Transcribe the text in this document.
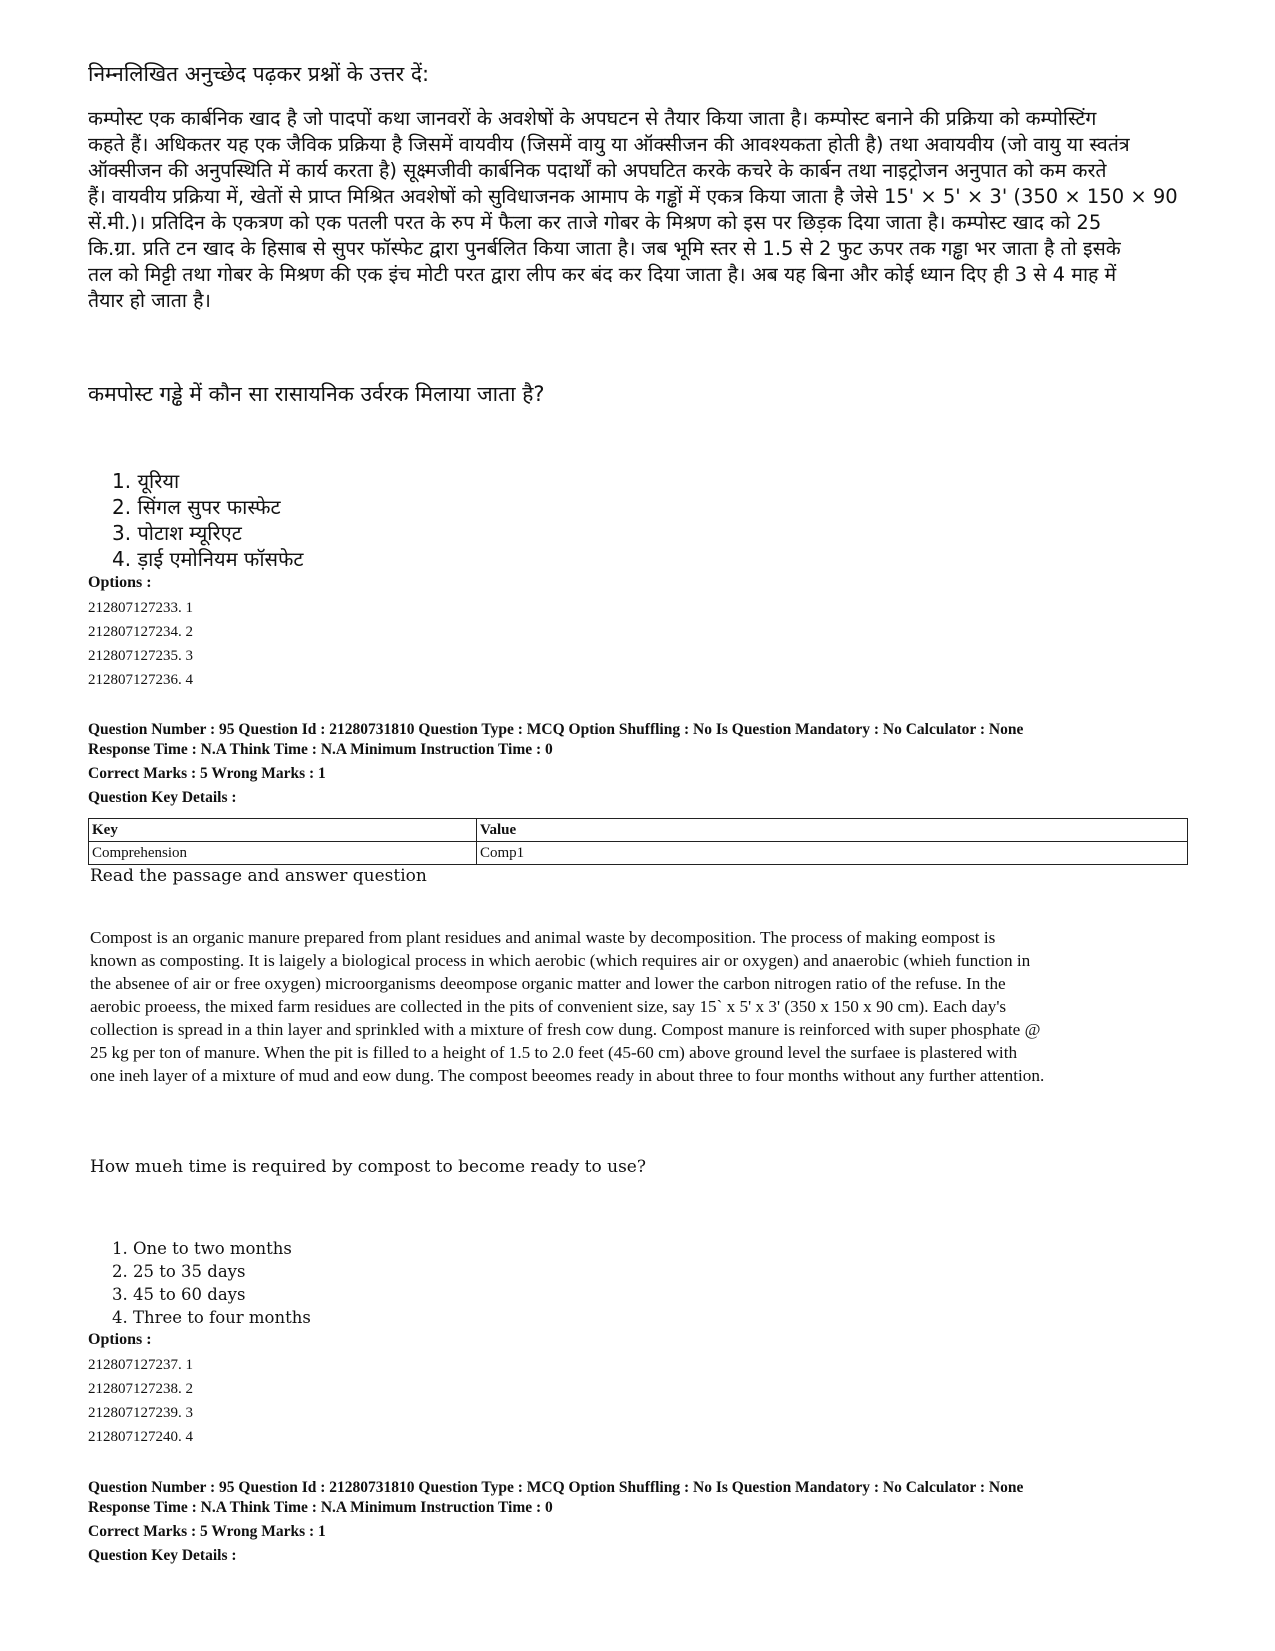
निम्नलिखित अनुच्छेद पढ़कर प्रश्नों के उत्तर दें:
कम्पोस्ट एक कार्बनिक खाद है जो पादपों कथा जानवरों के अवशेषों के अपघटन से तैयार किया जाता है। कम्पोस्ट बनाने की प्रक्रिया को कम्पोस्टिंग
कहते हैं। अधिकतर यह एक जैविक प्रक्रिया है जिसमें वायवीय (जिसमें वायु या ऑक्सीजन की आवश्यकता होती है) तथा अवायवीय (जो वायु या स्वतंत्र
ऑक्सीजन की अनुपस्थिति में कार्य करता है) सूक्ष्मजीवी कार्बनिक पदार्थों को अपघटित करके कचरे के कार्बन तथा नाइट्रोजन अनुपात को कम करते
हैं। वायवीय प्रक्रिया में, खेतों से प्राप्त मिश्रित अवशेषों को सुविधाजनक आमाप के गड्ढों में एकत्र किया जाता है जेसे 15' × 5' × 3' (350 × 150 × 90
सें.मी.)। प्रतिदिन के एकत्रण को एक पतली परत के रुप में फैला कर ताजे गोबर के मिश्रण को इस पर छिड़क दिया जाता है। कम्पोस्ट खाद को 25
कि.ग्रा. प्रति टन खाद के हिसाब से सुपर फॉस्फेट द्वारा पुनर्बलित किया जाता है। जब भूमि स्तर से 1.5 से 2 फुट ऊपर तक गड्ढा भर जाता है तो इसके
तल को मिट्टी तथा गोबर के मिश्रण की एक इंच मोटी परत द्वारा लीप कर बंद कर दिया जाता है। अब यह बिना और कोई ध्यान दिए ही 3 से 4 माह में
तैयार हो जाता है।
कमपोस्ट गड्ढे में कौन सा रासायनिक उर्वरक मिलाया जाता है?
1. यूरिया
2. सिंगल सुपर फास्फेट
3. पोटाश म्यूरिएट
4. ड़ाई एमोनियम फॉसफेट
Options :
212807127233. 1
212807127234. 2
212807127235. 3
212807127236. 4
Question Number : 95 Question Id : 21280731810 Question Type : MCQ Option Shuffling : No Is Question Mandatory : No Calculator : None
Response Time : N.A Think Time : N.A Minimum Instruction Time : 0
Correct Marks : 5 Wrong Marks : 1
Question Key Details :
Key	Value
Comprehension	Comp1
Read the passage and answer question
Compost is an organic manure prepared from plant residues and animal waste by decomposition. The process of making eompost is
known as composting. It is laigely a biological process in which aerobic (which requires air or oxygen) and anaerobic (whieh function in
the absenee of air or free oxygen) microorganisms deeompose organic matter and lower the carbon nitrogen ratio of the refuse. In the
aerobic proeess, the mixed farm residues are collected in the pits of convenient size, say 15` x 5' x 3' (350 x 150 x 90 cm). Each day's
collection is spread in a thin layer and sprinkled with a mixture of fresh cow dung. Compost manure is reinforced with super phosphate @
25 kg per ton of manure. When the pit is filled to a height of 1.5 to 2.0 feet (45-60 cm) above ground level the surfaee is plastered with
one ineh layer of a mixture of mud and eow dung. The compost beeomes ready in about three to four months without any further attention.
How mueh time is required by compost to become ready to use?
1. One to two months
2. 25 to 35 days
3. 45 to 60 days
4. Three to four months
Options :
212807127237. 1
212807127238. 2
212807127239. 3
212807127240. 4
Question Number : 95 Question Id : 21280731810 Question Type : MCQ Option Shuffling : No Is Question Mandatory : No Calculator : None
Response Time : N.A Think Time : N.A Minimum Instruction Time : 0
Correct Marks : 5 Wrong Marks : 1
Question Key Details :
